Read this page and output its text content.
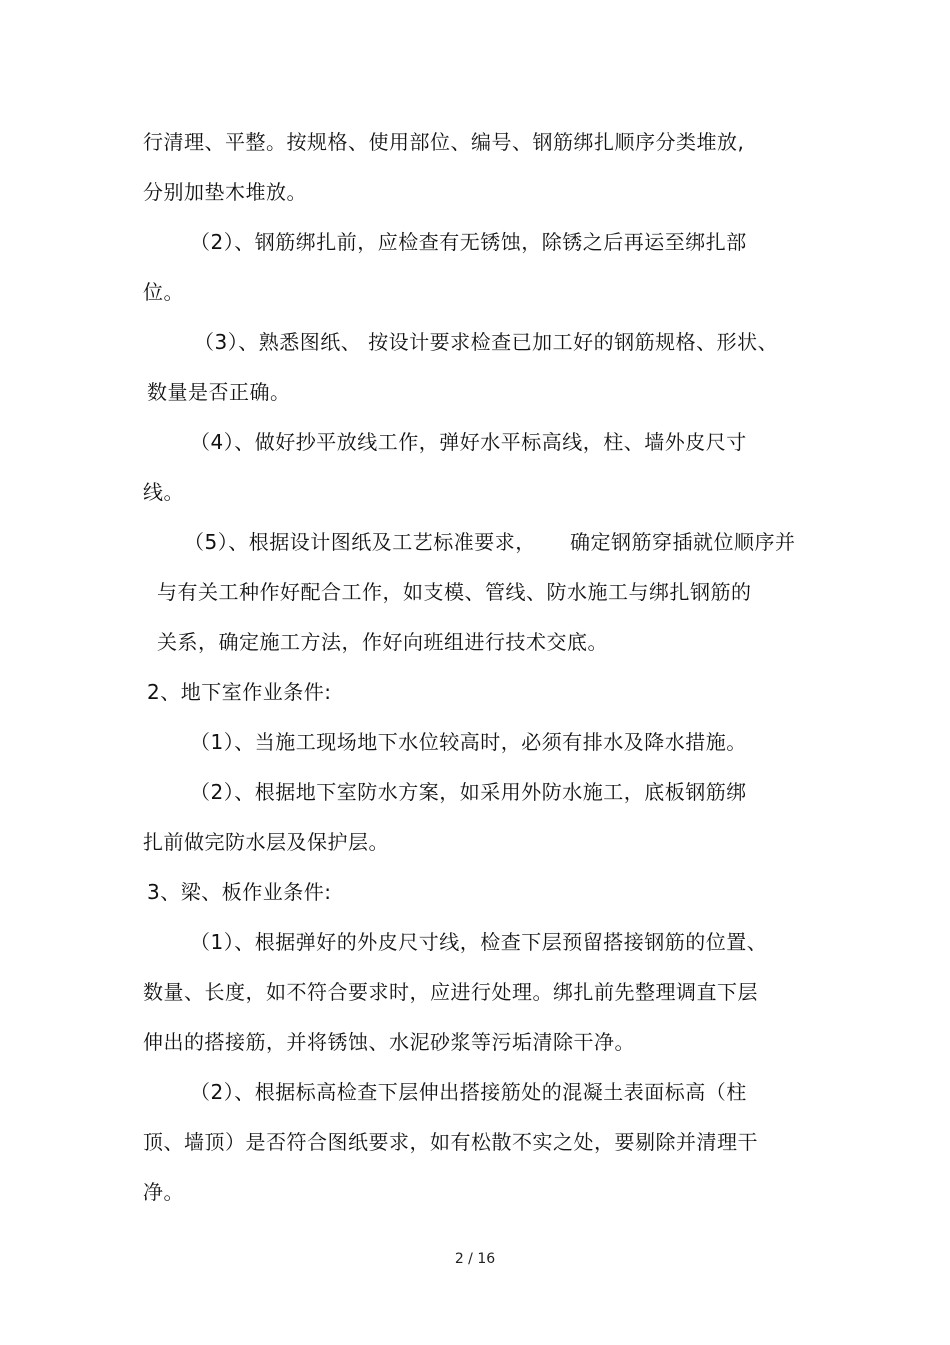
行清理、平整。按规格、使用部位、编号、钢筋绑扎顺序分类堆放,
分别加垫木堆放。
（2）、钢筋绑扎前，应检查有无锈蚀，除锈之后再运至绑扎部
位。
（3）、熟悉图纸、 按设计要求检查已加工好的钢筋规格、形状、
数量是否正确。
（4）、做好抄平放线工作，弹好水平标高线，柱、墙外皮尺寸
线。
（5）、根据设计图纸及工艺标准要求，     确定钢筋穿插就位顺序并
与有关工种作好配合工作，如支模、管线、防水施工与绑扎钢筋的
关系，确定施工方法，作好向班组进行技术交底。
2、地下室作业条件:
（1）、当施工现场地下水位较高时，必须有排水及降水措施。
（2）、根据地下室防水方案，如采用外防水施工，底板钢筋绑
扎前做完防水层及保护层。
3、梁、板作业条件:
（1）、根据弹好的外皮尺寸线，检查下层预留搭接钢筋的位置、
数量、长度，如不符合要求时，应进行处理。绑扎前先整理调直下层
伸出的搭接筋，并将锈蚀、水泥砂浆等污垢清除干净。
（2）、根据标高检查下层伸出搭接筋处的混凝土表面标高（柱
顶、墙顶）是否符合图纸要求，如有松散不实之处，要剔除并清理干
净。
2 / 16
